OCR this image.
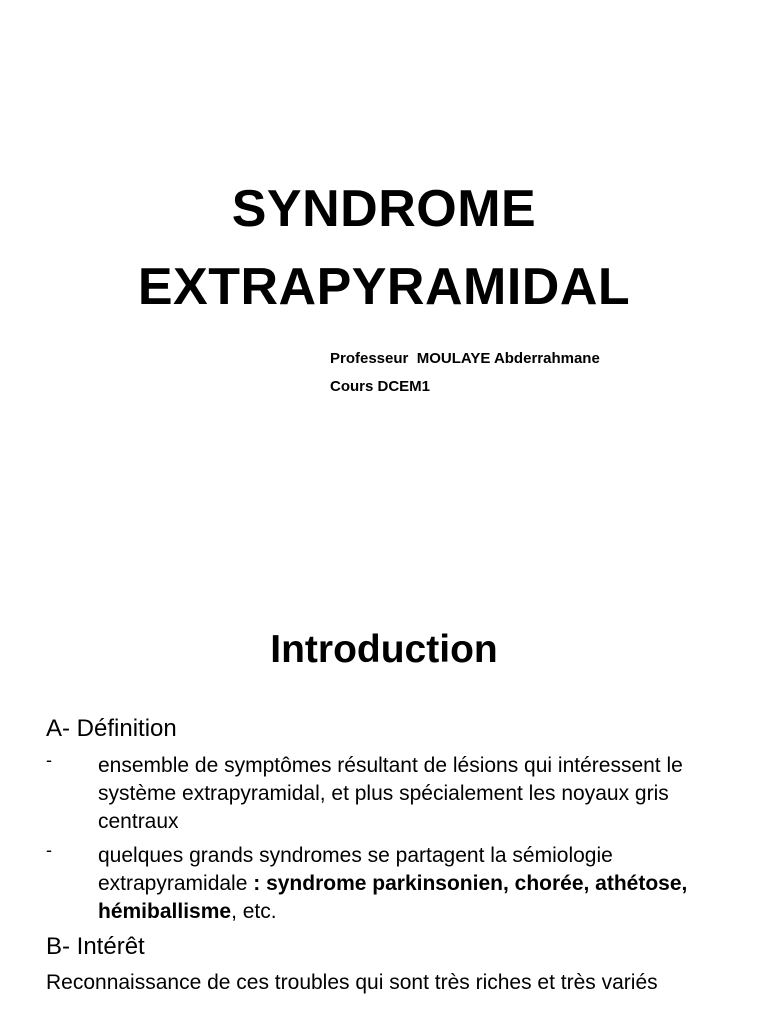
SYNDROME
EXTRAPYRAMIDAL
Professeur  MOULAYE Abderrahmane
Cours DCEM1
Introduction
A- Définition
- ensemble de symptômes résultant de lésions qui intéressent le système extrapyramidal, et plus spécialement les noyaux gris centraux
- quelques grands syndromes se partagent la sémiologie extrapyramidale : syndrome parkinsonien, chorée, athétose, hémiballisme, etc.
B- Intérêt
Reconnaissance de ces troubles qui sont très riches et très variés
